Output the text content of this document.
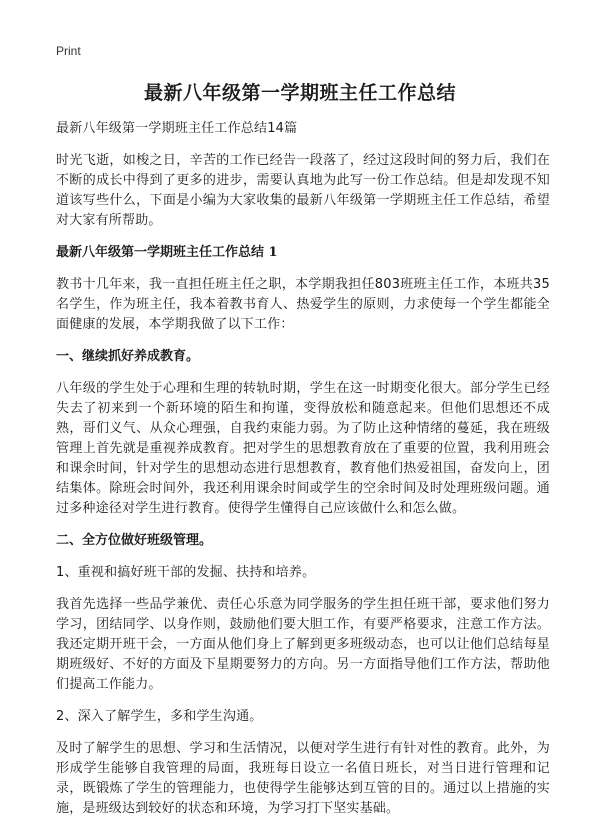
Print
最新八年级第一学期班主任工作总结
最新八年级第一学期班主任工作总结14篇
时光飞逝，如梭之日，辛苦的工作已经告一段落了，经过这段时间的努力后，我们在不断的成长中得到了更多的进步，需要认真地为此写一份工作总结。但是却发现不知道该写些什么，下面是小编为大家收集的最新八年级第一学期班主任工作总结，希望对大家有所帮助。
最新八年级第一学期班主任工作总结 1
教书十几年来，我一直担任班主任之职，本学期我担任803班班主任工作，本班共35名学生，作为班主任，我本着教书育人、热爱学生的原则，力求使每一个学生都能全面健康的发展，本学期我做了以下工作：
一、继续抓好养成教育。
八年级的学生处于心理和生理的转轨时期，学生在这一时期变化很大。部分学生已经失去了初来到一个新环境的陌生和拘谨，变得放松和随意起来。但他们思想还不成熟，哥们义气、从众心理强，自我约束能力弱。为了防止这种情绪的蔓延，我在班级管理上首先就是重视养成教育。把对学生的思想教育放在了重要的位置，我利用班会和课余时间，针对学生的思想动态进行思想教育，教育他们热爱祖国，奋发向上，团结集体。除班会时间外，我还利用课余时间或学生的空余时间及时处理班级问题。通过多种途径对学生进行教育。使得学生懂得自己应该做什么和怎么做。
二、全方位做好班级管理。
1、重视和搞好班干部的发掘、扶持和培养。
我首先选择一些品学兼优、责任心乐意为同学服务的学生担任班干部，要求他们努力学习，团结同学、以身作则，鼓励他们要大胆工作，有要严格要求，注意工作方法。我还定期开班干会，一方面从他们身上了解到更多班级动态，也可以让他们总结每星期班级好、不好的方面及下星期要努力的方向。另一方面指导他们工作方法，帮助他们提高工作能力。
2、深入了解学生，多和学生沟通。
及时了解学生的思想、学习和生活情况，以便对学生进行有针对性的教育。此外，为形成学生能够自我管理的局面，我班每日设立一名值日班长，对当日进行管理和记录，既锻炼了学生的管理能力，也使得学生能够达到互管的目的。通过以上措施的实施，是班级达到较好的状态和环境，为学习打下坚实基础。
